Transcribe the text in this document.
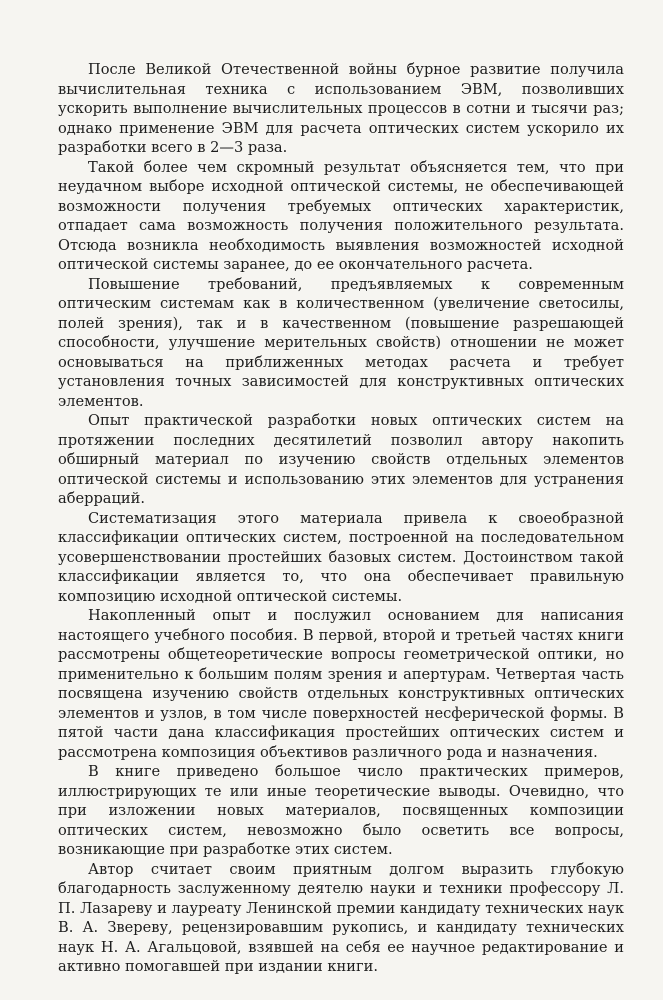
После Великой Отечественной войны бурное развитие получила вычислительная техника с использованием ЭВМ, позволивших ускорить выполнение вычислительных процессов в сотни и тысячи раз; однако применение ЭВМ для расчета оптических систем ускорило их разработки всего в 2—3 раза.

Такой более чем скромный результат объясняется тем, что при неудачном выборе исходной оптической системы, не обеспечивающей возможности получения требуемых оптических характеристик, отпадает сама возможность получения положительного результата. Отсюда возникла необходимость выявления возможностей исходной оптической системы заранее, до ее окончательного расчета.

Повышение требований, предъявляемых к современным оптическим системам как в количественном (увеличение светосилы, полей зрения), так и в качественном (повышение разрешающей способности, улучшение мерительных свойств) отношении не может основываться на приближенных методах расчета и требует установления точных зависимостей для конструктивных оптических элементов.

Опыт практической разработки новых оптических систем на протяжении последних десятилетий позволил автору накопить обширный материал по изучению свойств отдельных элементов оптической системы и использованию этих элементов для устранения аберраций.

Систематизация этого материала привела к своеобразной классификации оптических систем, построенной на последовательном усовершенствовании простейших базовых систем. Достоинством такой классификации является то, что она обеспечивает правильную композицию исходной оптической системы.

Накопленный опыт и послужил основанием для написания настоящего учебного пособия. В первой, второй и третьей частях книги рассмотрены общетеоретические вопросы геометрической оптики, но применительно к большим полям зрения и апертурам. Четвертая часть посвящена изучению свойств отдельных конструктивных оптических элементов и узлов, в том числе поверхностей несферической формы. В пятой части дана классификация простейших оптических систем и рассмотрена композиция объективов различного рода и назначения.

В книге приведено большое число практических примеров, иллюстрирующих те или иные теоретические выводы. Очевидно, что при изложении новых материалов, посвященных композиции оптических систем, невозможно было осветить все вопросы, возникающие при разработке этих систем.

Автор считает своим приятным долгом выразить глубокую благодарность заслуженному деятелю науки и техники профессору Л. П. Лазареву и лауреату Ленинской премии кандидату технических наук В. А. Звереву, рецензировавшим рукопись, и кандидату технических наук Н. А. Агальцовой, взявшей на себя ее научное редактирование и активно помогавшей при издании книги.
